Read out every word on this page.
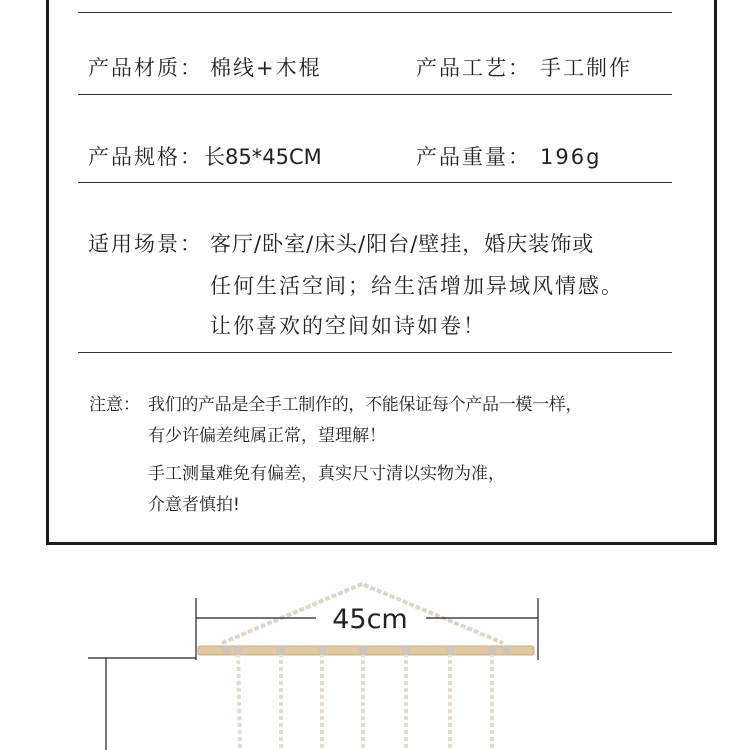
产品材质： 棉线+木棍	产品工艺： 手工制作
产品规格： 长85*45CM	产品重量： 196g
适用场景： 客厅/卧室/床头/阳台/壁挂，婚庆装饰或
任何生活空间；给生活增加异域风情感。
让你喜欢的空间如诗如卷！
注意： 我们的产品是全手工制作的，不能保证每个产品一模一样，
有少许偏差纯属正常，望理解！
手工测量难免有偏差，真实尺寸清以实物为准，
介意者慎拍!
45cm
